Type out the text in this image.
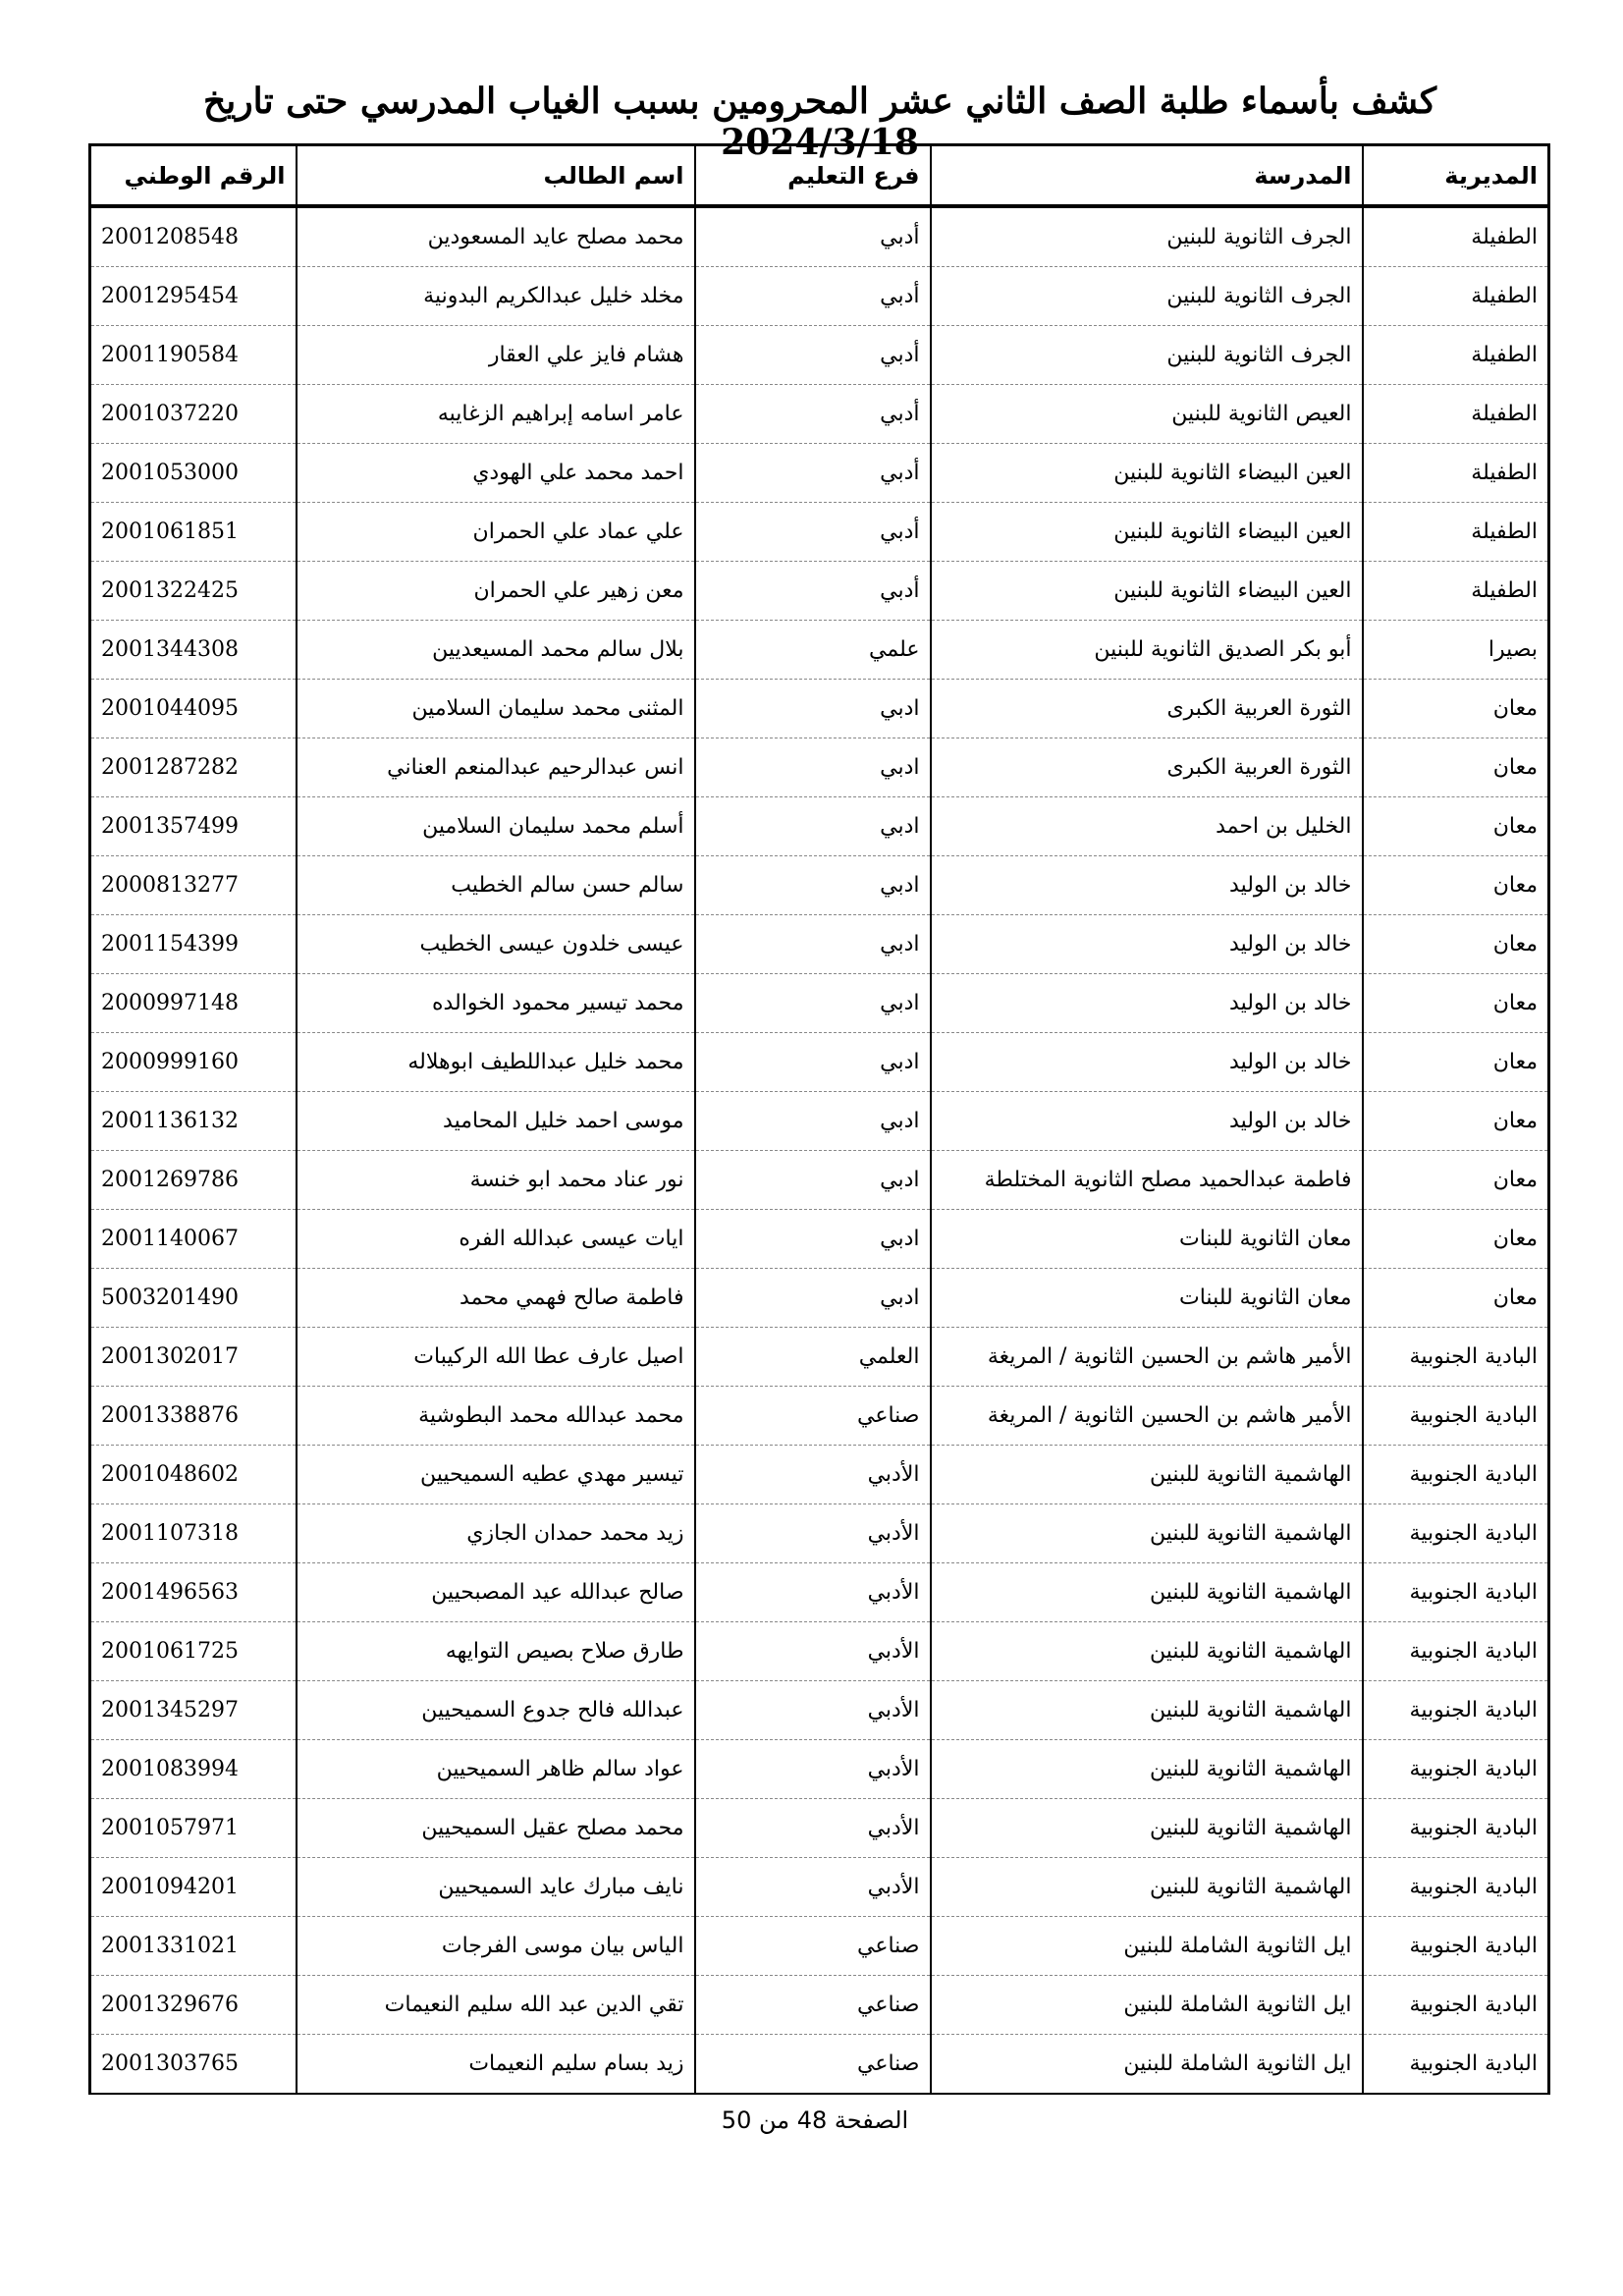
كشف بأسماء طلبة الصف الثاني عشر المحرومين بسبب الغياب المدرسي حتى تاريخ 2024/3/18
المديرية	المدرسة	فرع التعليم	اسم الطالب	الرقم الوطني
الطفيلة	الجرف الثانوية للبنين	أدبي	محمد مصلح عايد المسعودين	2001208548
الطفيلة	الجرف الثانوية للبنين	أدبي	مخلد خليل عبدالكريم البدونية	2001295454
الطفيلة	الجرف الثانوية للبنين	أدبي	هشام فايز علي العقار	2001190584
الطفيلة	العيص الثانوية للبنين	أدبي	عامر اسامه إبراهيم الزغايبه	2001037220
الطفيلة	العين البيضاء الثانوية للبنين	أدبي	احمد محمد علي الهودي	2001053000
الطفيلة	العين البيضاء الثانوية للبنين	أدبي	علي عماد علي الحمران	2001061851
الطفيلة	العين البيضاء الثانوية للبنين	أدبي	معن زهير علي الحمران	2001322425
بصيرا	أبو بكر الصديق الثانوية للبنين	علمي	بلال سالم محمد المسيعديين	2001344308
معان	الثورة العربية الكبرى	ادبي	المثنى محمد سليمان السلامين	2001044095
معان	الثورة العربية الكبرى	ادبي	انس عبدالرحيم عبدالمنعم العناني	2001287282
معان	الخليل بن احمد	ادبي	أسلم محمد سليمان السلامين	2001357499
معان	خالد بن الوليد	ادبي	سالم حسن سالم الخطيب	2000813277
معان	خالد بن الوليد	ادبي	عيسى خلدون عيسى الخطيب	2001154399
معان	خالد بن الوليد	ادبي	محمد تيسير محمود الخوالده	2000997148
معان	خالد بن الوليد	ادبي	محمد خليل عبداللطيف ابوهلاله	2000999160
معان	خالد بن الوليد	ادبي	موسى احمد خليل المحاميد	2001136132
معان	فاطمة عبدالحميد مصلح الثانوية المختلطة	ادبي	نور عناد محمد ابو خنسة	2001269786
معان	معان الثانوية للبنات	ادبي	ايات عيسى عبدالله الفره	2001140067
معان	معان الثانوية للبنات	ادبي	فاطمة صالح فهمي محمد	5003201490
البادية الجنوبية	الأمير هاشم بن الحسين الثانوية / المريغة	العلمي	اصيل عارف عطا الله الركيبات	2001302017
البادية الجنوبية	الأمير هاشم بن الحسين الثانوية / المريغة	صناعي	محمد عبدالله محمد البطوشية	2001338876
البادية الجنوبية	الهاشمية الثانوية للبنين	الأدبي	تيسير مهدي عطيه السميحيين	2001048602
البادية الجنوبية	الهاشمية الثانوية للبنين	الأدبي	زيد محمد حمدان الجازي	2001107318
البادية الجنوبية	الهاشمية الثانوية للبنين	الأدبي	صالح عبدالله عيد المصبحيين	2001496563
البادية الجنوبية	الهاشمية الثانوية للبنين	الأدبي	طارق صلاح بصيص التوايهه	2001061725
البادية الجنوبية	الهاشمية الثانوية للبنين	الأدبي	عبدالله فالح جدوع السميحيين	2001345297
البادية الجنوبية	الهاشمية الثانوية للبنين	الأدبي	عواد سالم ظاهر السميحيين	2001083994
البادية الجنوبية	الهاشمية الثانوية للبنين	الأدبي	محمد مصلح عقيل السميحيين	2001057971
البادية الجنوبية	الهاشمية الثانوية للبنين	الأدبي	نايف مبارك عايد السميحيين	2001094201
البادية الجنوبية	ايل الثانوية الشاملة للبنين	صناعي	الياس بيان موسى الفرجات	2001331021
البادية الجنوبية	ايل الثانوية الشاملة للبنين	صناعي	تقي الدين عبد الله سليم النعيمات	2001329676
البادية الجنوبية	ايل الثانوية الشاملة للبنين	صناعي	زيد بسام سليم النعيمات	2001303765
الصفحة 48 من 50
